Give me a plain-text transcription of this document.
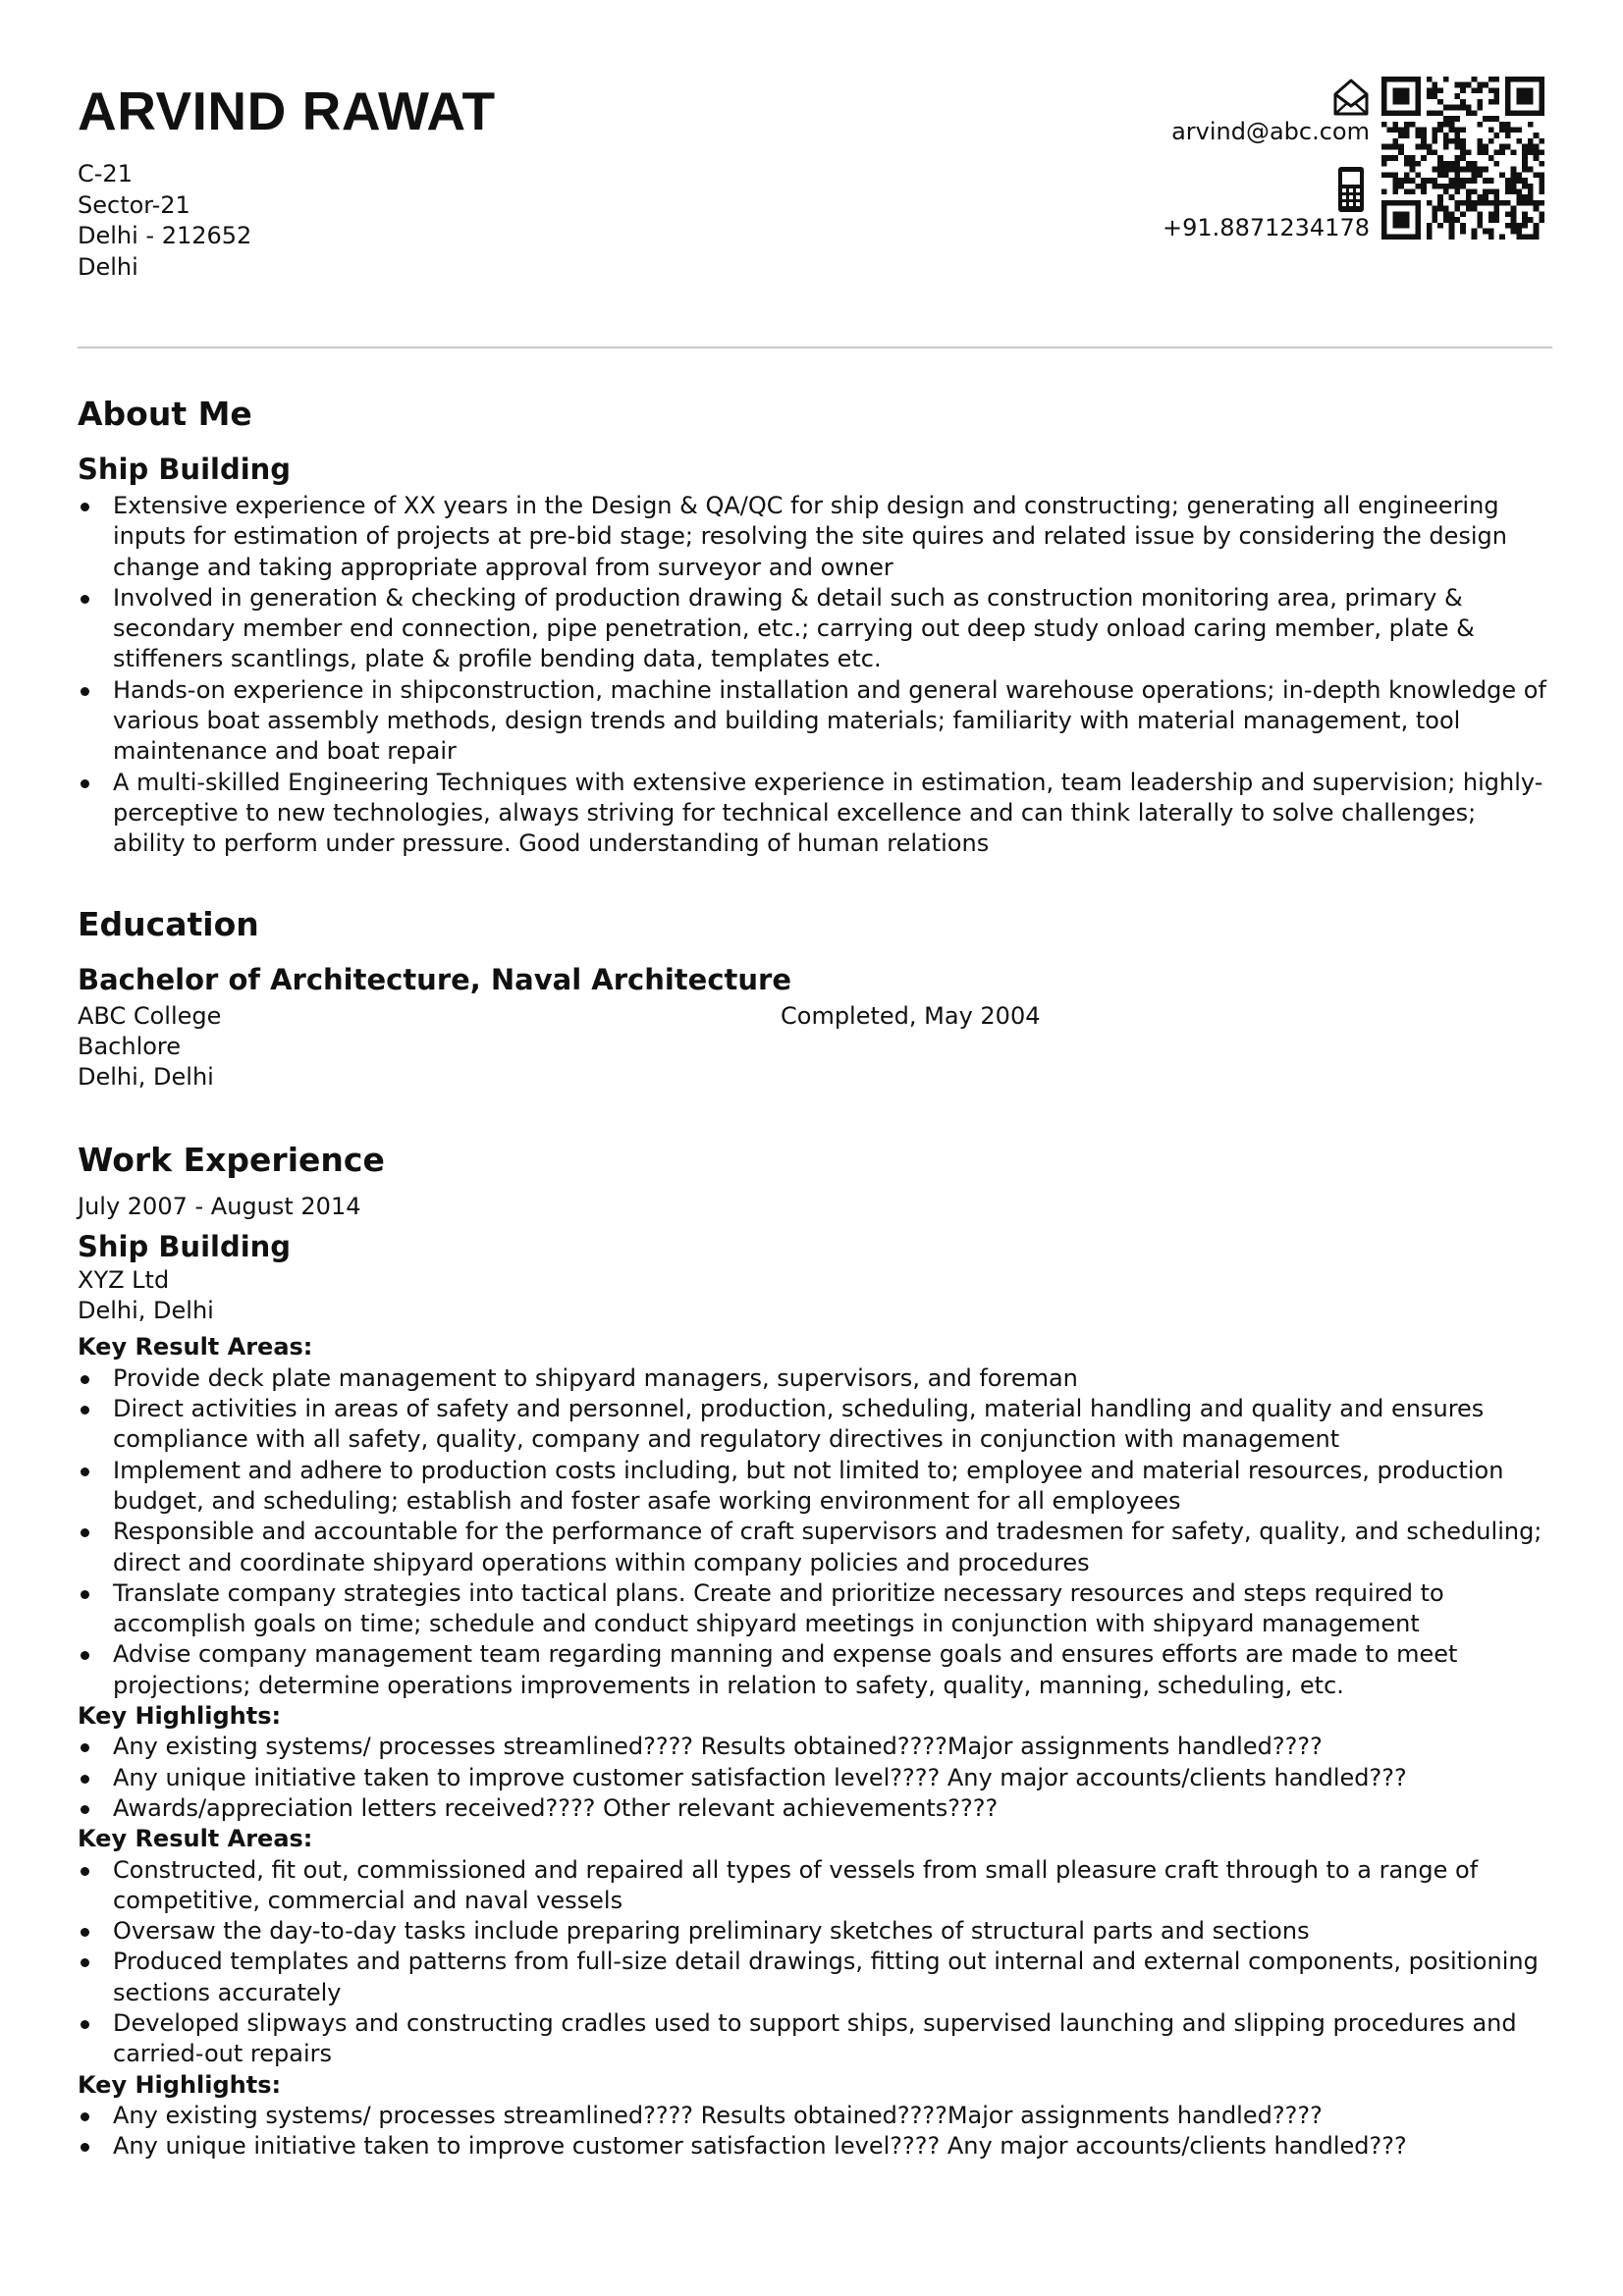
ARVIND RAWAT
C-21
Sector-21
Delhi - 212652
Delhi
arvind@abc.com
+91.8871234178
About Me
Ship Building
Extensive experience of XX years in the Design & QA/QC for ship design and constructing; generating all engineering inputs for estimation of projects at pre-bid stage; resolving the site quires and related issue by considering the design change and taking appropriate approval from surveyor and owner
Involved in generation & checking of production drawing & detail such as construction monitoring area, primary & secondary member end connection, pipe penetration, etc.; carrying out deep study onload caring member, plate & stiffeners scantlings, plate & profile bending data, templates etc.
Hands-on experience in shipconstruction, machine installation and general warehouse operations; in-depth knowledge of various boat assembly methods, design trends and building materials; familiarity with material management, tool maintenance and boat repair
A multi-skilled Engineering Techniques with extensive experience in estimation, team leadership and supervision; highly-perceptive to new technologies, always striving for technical excellence and can think laterally to solve challenges; ability to perform under pressure. Good understanding of human relations
Education
Bachelor of Architecture, Naval Architecture
ABC College
Bachlore
Delhi, Delhi
Completed, May 2004
Work Experience
July 2007 - August 2014
Ship Building
XYZ Ltd
Delhi, Delhi
Key Result Areas:
Provide deck plate management to shipyard managers, supervisors, and foreman
Direct activities in areas of safety and personnel, production, scheduling, material handling and quality and ensures compliance with all safety, quality, company and regulatory directives in conjunction with management
Implement and adhere to production costs including, but not limited to; employee and material resources, production budget, and scheduling; establish and foster asafe working environment for all employees
Responsible and accountable for the performance of craft supervisors and tradesmen for safety, quality, and scheduling; direct and coordinate shipyard operations within company policies and procedures
Translate company strategies into tactical plans. Create and prioritize necessary resources and steps required to accomplish goals on time; schedule and conduct shipyard meetings in conjunction with shipyard management
Advise company management team regarding manning and expense goals and ensures efforts are made to meet projections; determine operations improvements in relation to safety, quality, manning, scheduling, etc.
Key Highlights:
Any existing systems/ processes streamlined???? Results obtained????Major assignments handled????
Any unique initiative taken to improve customer satisfaction level???? Any major accounts/clients handled???
Awards/appreciation letters received???? Other relevant achievements????
Key Result Areas:
Constructed, fit out, commissioned and repaired all types of vessels from small pleasure craft through to a range of competitive, commercial and naval vessels
Oversaw the day-to-day tasks include preparing preliminary sketches of structural parts and sections
Produced templates and patterns from full-size detail drawings, fitting out internal and external components, positioning sections accurately
Developed slipways and constructing cradles used to support ships, supervised launching and slipping procedures and carried-out repairs
Key Highlights:
Any existing systems/ processes streamlined???? Results obtained????Major assignments handled????
Any unique initiative taken to improve customer satisfaction level???? Any major accounts/clients handled???
